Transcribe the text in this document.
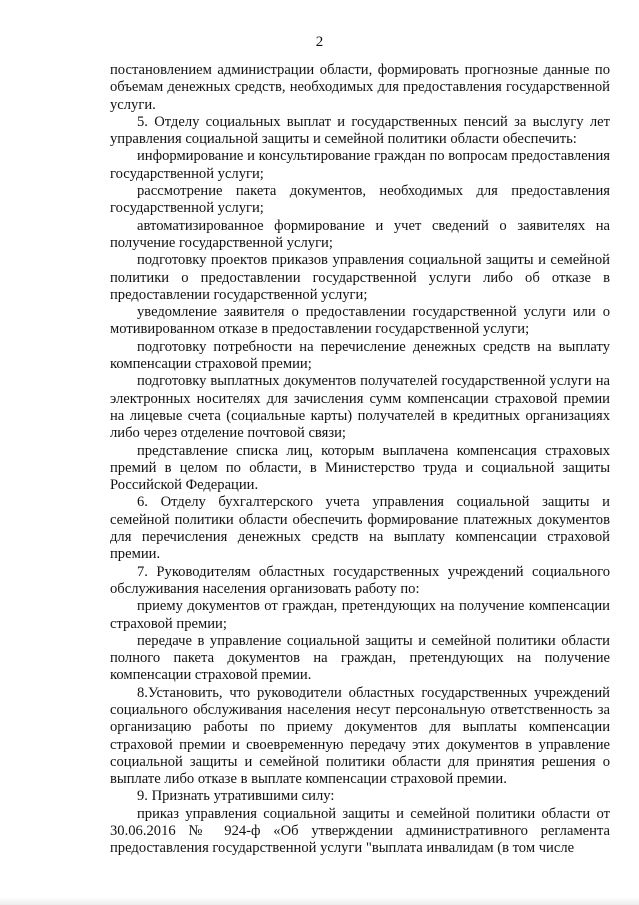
2

постановлением администрации области, формировать прогнозные данные по объемам денежных средств, необходимых для предоставления государственной услуги.

5. Отделу социальных выплат и государственных пенсий за выслугу лет управления социальной защиты и семейной политики области обеспечить:

информирование и консультирование граждан по вопросам предоставления государственной услуги;

рассмотрение пакета документов, необходимых для предоставления государственной услуги;

автоматизированное формирование и учет сведений о заявителях на получение государственной услуги;

подготовку проектов приказов управления социальной защиты и семейной политики о предоставлении государственной услуги либо об отказе в предоставлении государственной услуги;

уведомление заявителя о предоставлении государственной услуги или о мотивированном отказе в предоставлении государственной услуги;

подготовку потребности на перечисление денежных средств на выплату компенсации страховой премии;

подготовку выплатных документов получателей государственной услуги на электронных носителях для зачисления сумм компенсации страховой премии на лицевые счета (социальные карты) получателей в кредитных организациях либо через отделение почтовой связи;

представление списка лиц, которым выплачена компенсация страховых премий в целом по области, в Министерство труда и социальной защиты Российской Федерации.

6. Отделу бухгалтерского учета управления социальной защиты и семейной политики области обеспечить формирование платежных документов для перечисления денежных средств на выплату компенсации страховой премии.

7. Руководителям областных государственных учреждений социального обслуживания населения организовать работу по:

приему документов от граждан, претендующих на получение компенсации страховой премии;

передаче в управление социальной защиты и семейной политики области полного пакета документов на граждан, претендующих на получение компенсации страховой премии.

8.Установить, что руководители областных государственных учреждений социального обслуживания населения несут персональную ответственность за организацию работы по приему документов для выплаты компенсации страховой премии и своевременную передачу этих документов в управление социальной защиты и семейной политики области для принятия решения о выплате либо отказе в выплате компенсации страховой премии.

9. Признать утратившими силу:

приказ управления социальной защиты и семейной политики области от 30.06.2016 № 924-ф «Об утверждении административного регламента предоставления государственной услуги "выплата инвалидам (в том числе
